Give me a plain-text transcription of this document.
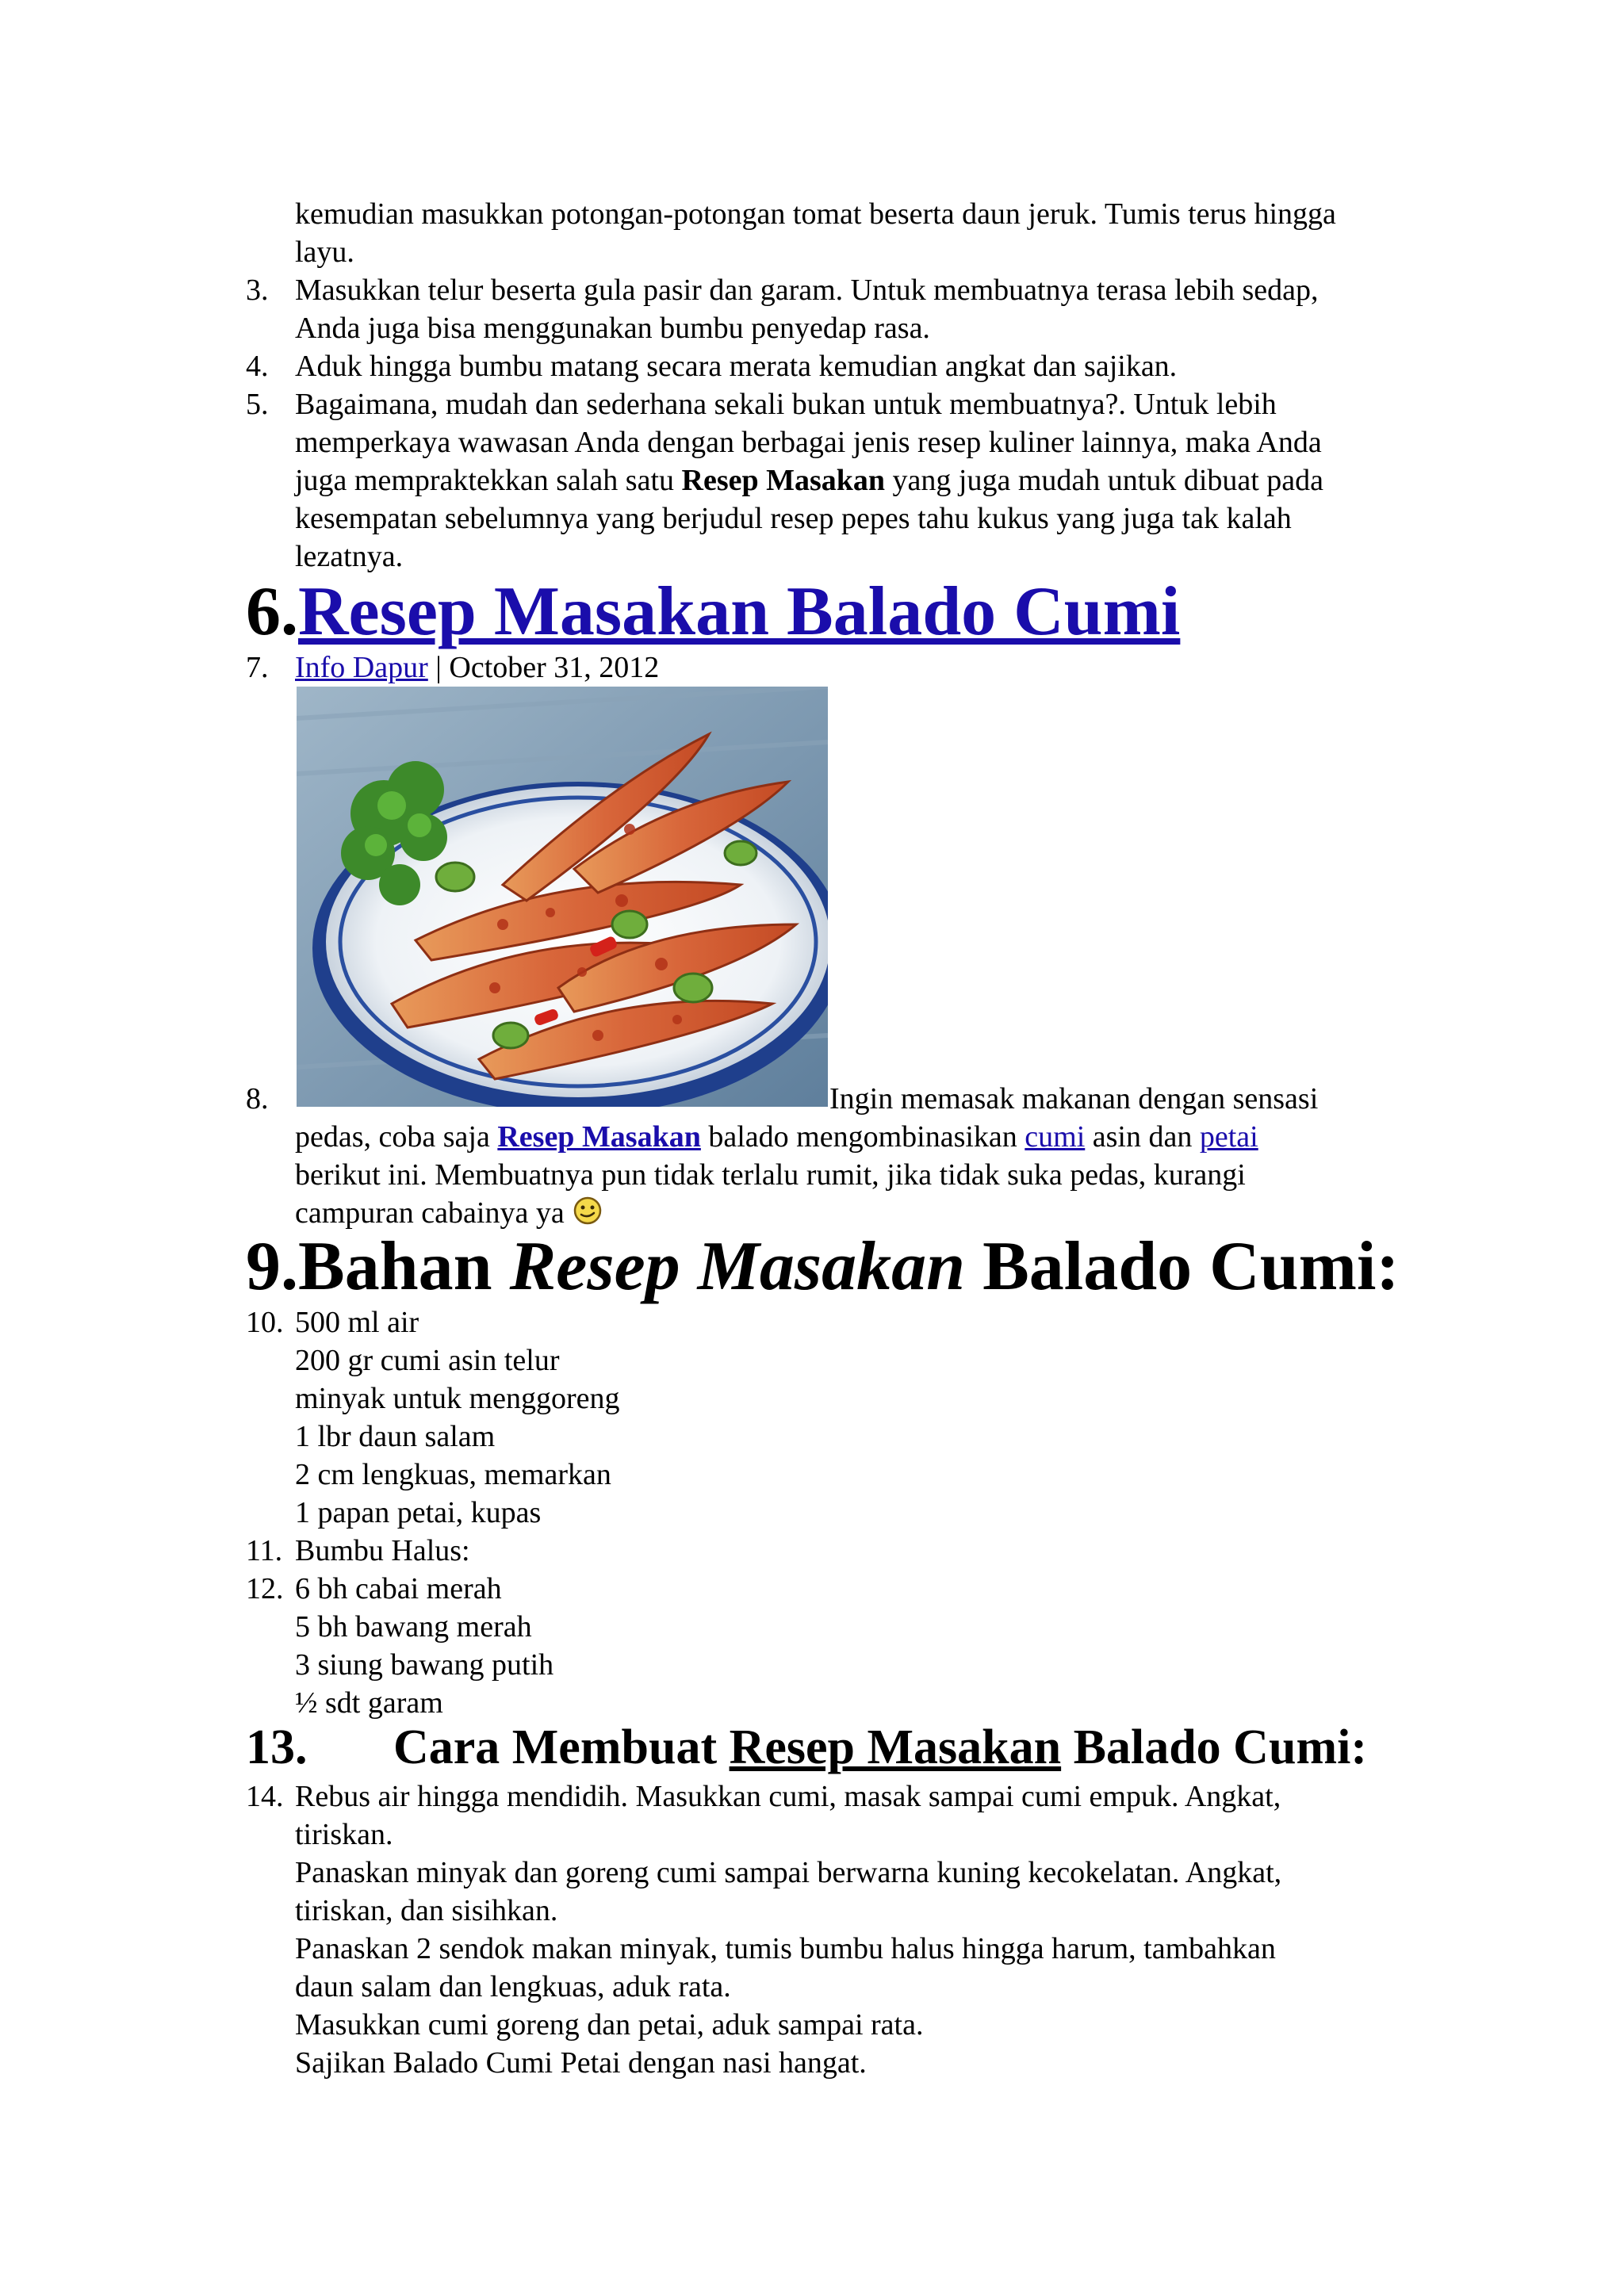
kemudian masukkan potongan-potongan tomat beserta daun jeruk. Tumis terus hingga
layu.
3. Masukkan telur beserta gula pasir dan garam. Untuk membuatnya terasa lebih sedap,
Anda juga bisa menggunakan bumbu penyedap rasa.
4. Aduk hingga bumbu matang secara merata kemudian angkat dan sajikan.
5. Bagaimana, mudah dan sederhana sekali bukan untuk membuatnya?. Untuk lebih
memperkaya wawasan Anda dengan berbagai jenis resep kuliner lainnya, maka Anda
juga mempraktekkan salah satu Resep Masakan yang juga mudah untuk dibuat pada
kesempatan sebelumnya yang berjudul resep pepes tahu kukus yang juga tak kalah
lezatnya.
6.Resep Masakan Balado Cumi
7. Info Dapur | October 31, 2012
8.	Ingin memasak makanan dengan sensasi
pedas, coba saja Resep Masakan balado mengombinasikan cumi asin dan petai
berikut ini. Membuatnya pun tidak terlalu rumit, jika tidak suka pedas, kurangi
campuran cabainya ya
9.Bahan Resep Masakan Balado Cumi:
10. 500 ml air
200 gr cumi asin telur
minyak untuk menggoreng
1 lbr daun salam
2 cm lengkuas, memarkan
1 papan petai, kupas
11. Bumbu Halus:
12. 6 bh cabai merah
5 bh bawang merah
3 siung bawang putih
½ sdt garam
13. Cara Membuat Resep Masakan Balado Cumi:
14. Rebus air hingga mendidih. Masukkan cumi, masak sampai cumi empuk. Angkat,
tiriskan.
Panaskan minyak dan goreng cumi sampai berwarna kuning kecokelatan. Angkat,
tiriskan, dan sisihkan.
Panaskan 2 sendok makan minyak, tumis bumbu halus hingga harum, tambahkan
daun salam dan lengkuas, aduk rata.
Masukkan cumi goreng dan petai, aduk sampai rata.
Sajikan Balado Cumi Petai dengan nasi hangat.
